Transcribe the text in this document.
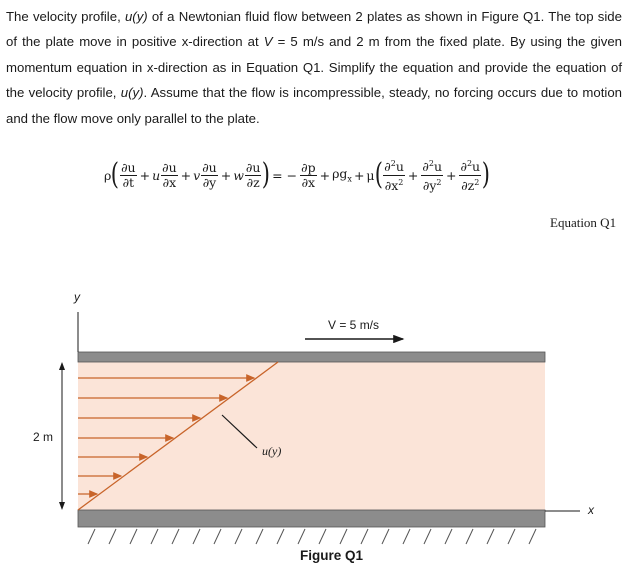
The velocity profile, u(y) of a Newtonian fluid flow between 2 plates as shown in Figure Q1. The top side of the plate move in positive x-direction at V = 5 m/s and 2 m from the fixed plate. By using the given momentum equation in x-direction as in Equation Q1. Simplify the equation and provide the equation of the velocity profile, u(y). Assume that the flow is incompressible, steady, no forcing occurs due to motion and the flow move only parallel to the plate.

ρ ( $\frac{\partial u}{\partial t} + u \frac{\partial u}{\partial x} + v \frac{\partial u}{\partial y} + w \frac{\partial u}{\partial z}$ ) = − $\frac{\partial p}{\partial x} + \rho g_x + \mu$ ( $\frac{\partial^2u}{\partial x^2} + \frac{\partial^2u}{\partial y^2} + \frac{\partial^2u}{\partial z^2}$ )
Equation Q1
y
x
V = 5 m/s
2 m
u(y)
Figure Q1
